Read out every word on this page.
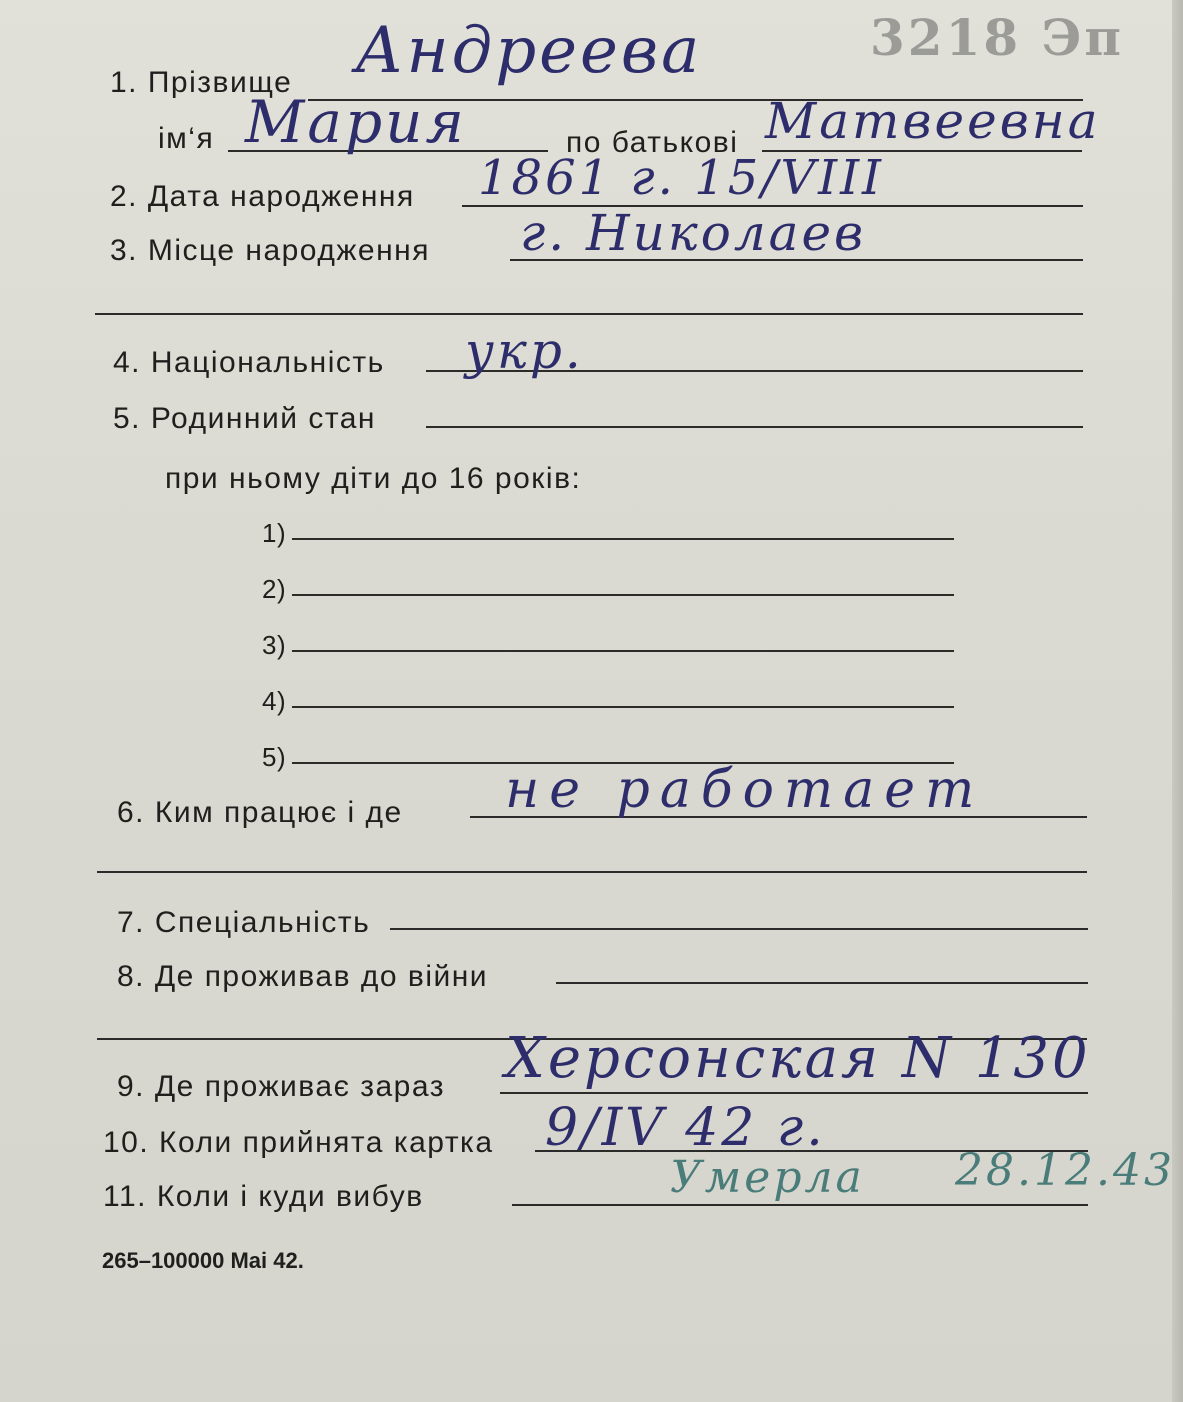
3218 Эп
1. Прізвище Андреева
ім‘я Мария	по батькові Матвеевна
2. Дата народження 1861 г. 15/VIII
3. Місце народження г. Николаев
4. Національність укр.
5. Родинний стан
при ньому діти до 16 років:
1)
2)
3)
4)
5)
6. Ким працює і де не работает
7. Спеціальність
8. Де проживав до війни
9. Де проживає зараз Херсонская N 130
10. Коли прийнята картка 9/IV 42 г.
11. Коли і куди вибув	Умерла 28.12.43
265–100000 Maі 42.
